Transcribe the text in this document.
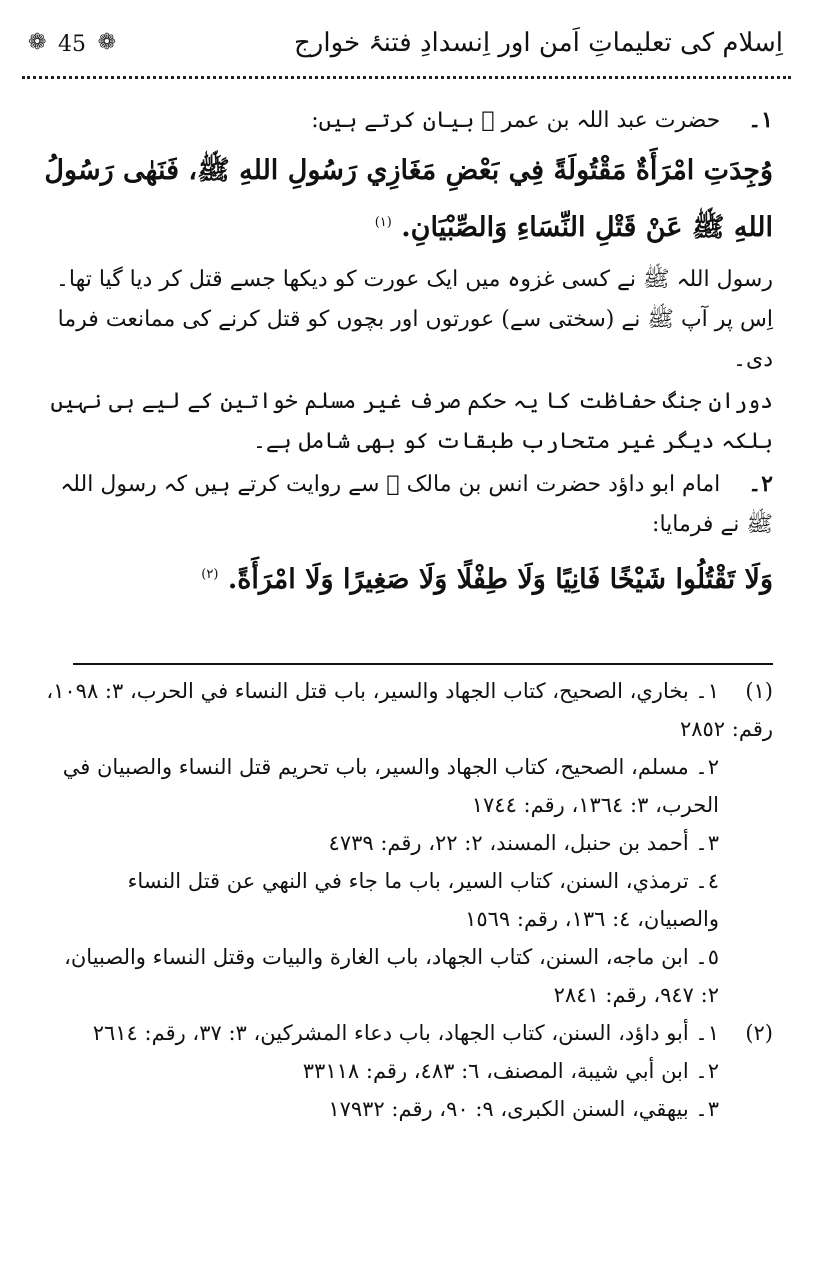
❁ 45 ❁	اِسلام کی تعلیماتِ اَمن اور اِنسدادِ فتنۂ خوارج

١۔حضرت عبد اللہ بن عمر ﷛ بیان کرتے ہیں:

وُجِدَتِ امْرَأَةٌ مَقْتُولَةً فِي بَعْضِ مَغَازِي رَسُولِ اللهِ ﷺ، فَنَهٰى رَسُولُ اللهِ ﷺ عَنْ قَتْلِ النِّسَاءِ وَالصِّبْيَانِ. $^{(١)}$

رسول اللہ ﷺ نے کسی غزوہ میں ایک عورت کو دیکھا جسے قتل کر دیا گیا تھا۔ اِس پر آپ ﷺ نے (سختی سے) عورتوں اور بچوں کو قتل کرنے کی ممانعت فرما دی۔

دورانِ جنگ حفاظت کا یہ حکم صرف غیر مسلم خواتین کے لیے ہی نہیں بلکہ دیگر غیر متحارب طبقات کو بھی شامل ہے۔

٢۔امام ابو داؤد حضرت انس بن مالک ﷛ سے روایت کرتے ہیں کہ رسول اللہ ﷺ نے فرمایا:

وَلَا تَقْتُلُوا شَيْخًا فَانِيًا وَلَا طِفْلًا وَلَا صَغِيرًا وَلَا امْرَأَةً. $^{(٢)}$

(١)١۔ بخاري، الصحيح، كتاب الجهاد والسير، باب قتل النساء في الحرب، ٣: ١٠٩٨، رقم: ٢٨٥٢

٢۔ مسلم، الصحيح، كتاب الجهاد والسير، باب تحريم قتل النساء والصبيان في الحرب، ٣: ١٣٦٤، رقم: ١٧٤٤

٣۔ أحمد بن حنبل، المسند، ٢: ٢٢، رقم: ٤٧٣٩

٤۔ ترمذي، السنن، كتاب السير، باب ما جاء في النهي عن قتل النساء والصبيان، ٤: ١٣٦، رقم: ١٥٦٩

٥۔ ابن ماجه، السنن، كتاب الجهاد، باب الغارة والبيات وقتل النساء والصبيان، ٢: ٩٤٧، رقم: ٢٨٤١

(٢)١۔ أبو داؤد، السنن، كتاب الجهاد، باب دعاء المشركين، ٣: ٣٧، رقم: ٢٦١٤

٢۔ ابن أبي شيبة، المصنف، ٦: ٤٨٣، رقم: ٣٣١١٨

٣۔ بيهقي، السنن الكبرى، ٩: ٩٠، رقم: ١٧٩٣٢
